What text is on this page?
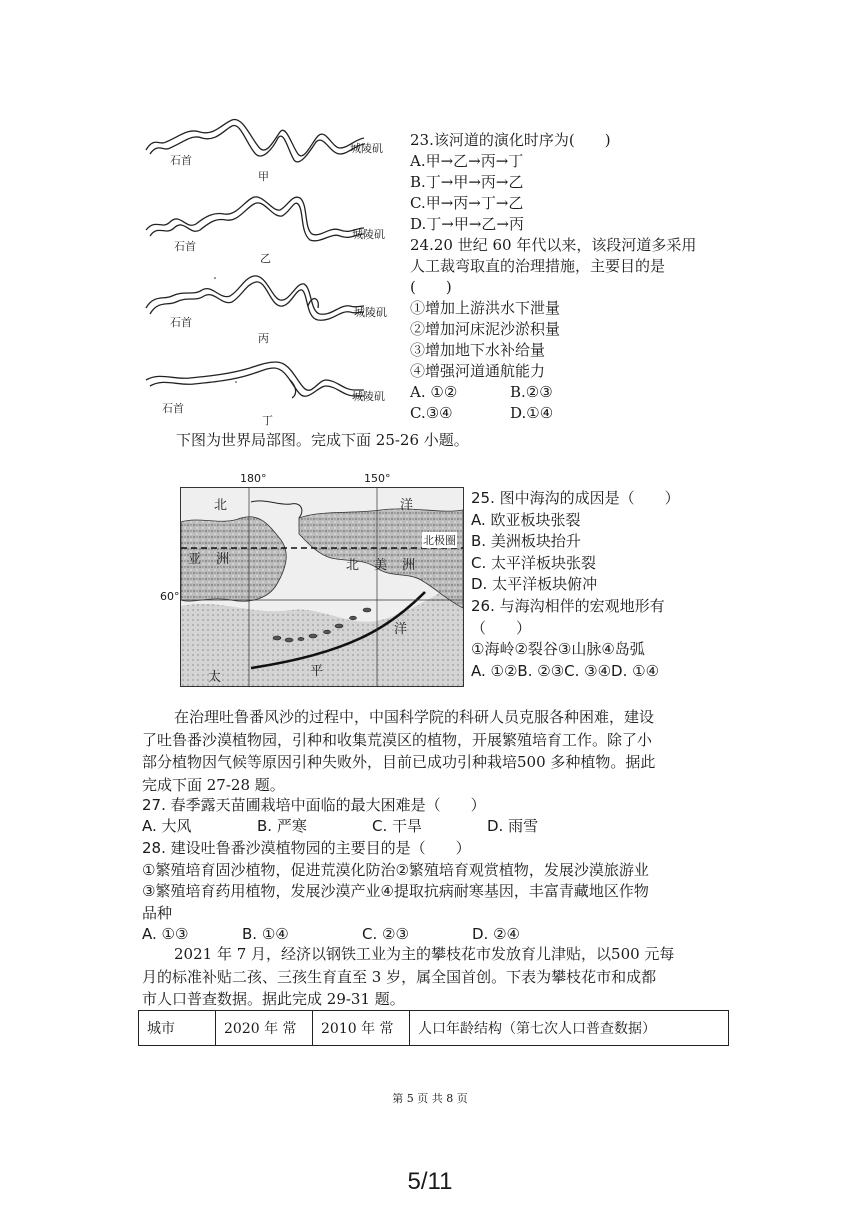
石首
城陵矶
甲
石首
城陵矶
乙
石首
城陵矶
丙
石首
城陵矶
丁
23.该河道的演化时序为(　　)
A.甲→乙→丙→丁
B.丁→甲→丙→乙
C.甲→丙→丁→乙
D.丁→甲→乙→丙
24.20 世纪 60 年代以来，该段河道多采用
人工裁弯取直的治理措施，主要目的是
(　　)
①增加上游洪水下泄量
②增加河床泥沙淤积量
③增加地下水补给量
④增强河道通航能力
A. ①②	B.②③
C.③④	D.①④
下图为世界局部图。完成下面 25-26 小题。
180°	150°
60°
北极圈
北	洋
亚 洲	北 美 洲
太	平
洋
25. 图中海沟的成因是（　　）
A. 欧亚板块张裂
B. 美洲板块抬升
C. 太平洋板块张裂
D. 太平洋板块俯冲
26. 与海沟相伴的宏观地形有
（　　）
①海岭②裂谷③山脉④岛弧
A. ①②B. ②③C. ③④D. ①④
在治理吐鲁番风沙的过程中，中国科学院的科研人员克服各种困难，建设
了吐鲁番沙漠植物园，引种和收集荒漠区的植物，开展繁殖培育工作。除了小
部分植物因气候等原因引种失败外，目前已成功引种栽培500 多种植物。据此
完成下面 27-28 题。
27. 春季露天苗圃栽培中面临的最大困难是（　　）
A. 大风	B. 严寒	C. 干旱	D. 雨雪
28. 建设吐鲁番沙漠植物园的主要目的是（　　）
①繁殖培育固沙植物，促进荒漠化防治②繁殖培育观赏植物，发展沙漠旅游业
③繁殖培育药用植物，发展沙漠产业④提取抗病耐寒基因，丰富青藏地区作物
品种
A. ①③	B. ①④	C. ②③	D. ②④
2021 年 7 月，经济以钢铁工业为主的攀枝花市发放育儿津贴，以500 元每
月的标准补贴二孩、三孩生育直至 3 岁，属全国首创。下表为攀枝花市和成都
市人口普查数据。据此完成 29-31 题。
城市	2020 年 常	2010 年 常	人口年龄结构（第七次人口普查数据）
第 5 页 共 8 页
5/11
